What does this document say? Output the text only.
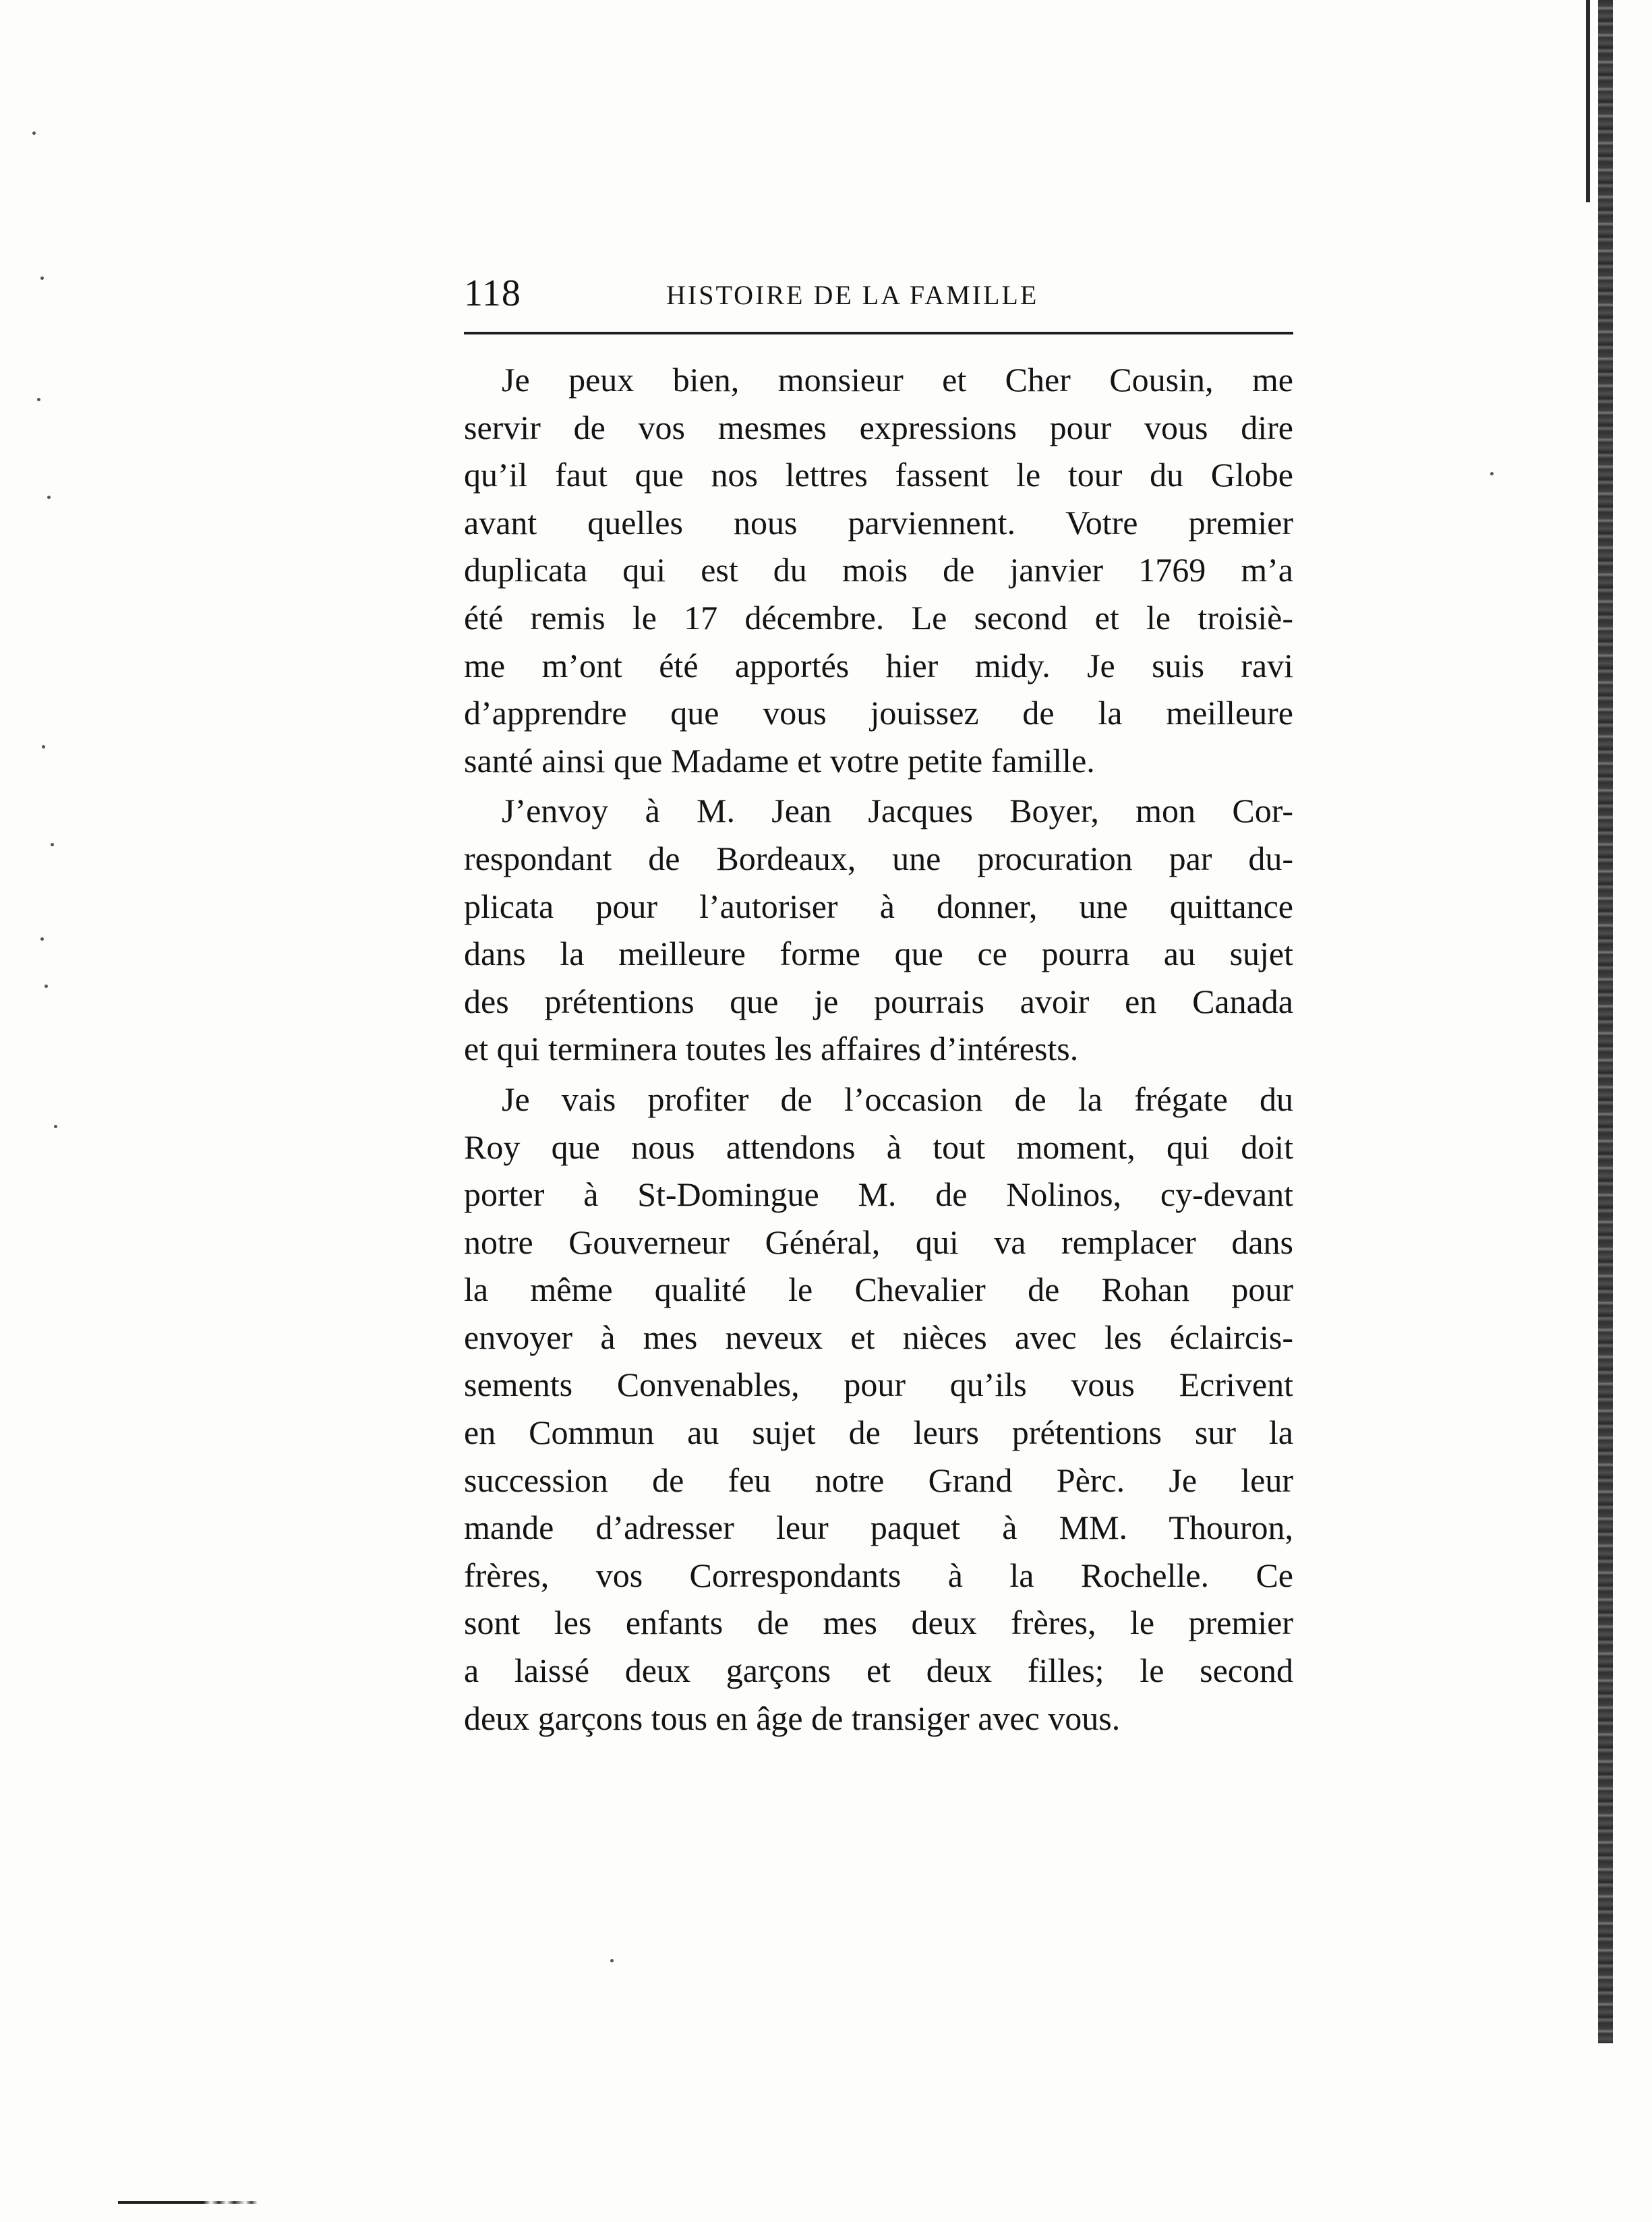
118	HISTOIRE DE LA FAMILLE
Je peux bien, monsieur et Cher Cousin, me
servir de vos mesmes expressions pour vous dire
qu’il faut que nos lettres fassent le tour du Globe
avant quelles nous parviennent. Votre premier
duplicata qui est du mois de janvier 1769 m’a
été remis le 17 décembre. Le second et le troisiè-
me m’ont été apportés hier midy. Je suis ravi
d’apprendre que vous jouissez de la meilleure
santé ainsi que Madame et votre petite famille.
J’envoy à M. Jean Jacques Boyer, mon Cor-
respondant de Bordeaux, une procuration par du-
plicata pour l’autoriser à donner, une quittance
dans la meilleure forme que ce pourra au sujet
des prétentions que je pourrais avoir en Canada
et qui terminera toutes les affaires d’intérests.
Je vais profiter de l’occasion de la frégate du
Roy que nous attendons à tout moment, qui doit
porter à St-Domingue M. de Nolinos, cy-devant
notre Gouverneur Général, qui va remplacer dans
la même qualité le Chevalier de Rohan pour
envoyer à mes neveux et nièces avec les éclaircis-
sements Convenables, pour qu’ils vous Ecrivent
en Commun au sujet de leurs prétentions sur la
succession de feu notre Grand Pèrc. Je leur
mande d’adresser leur paquet à MM. Thouron,
frères, vos Correspondants à la Rochelle. Ce
sont les enfants de mes deux frères, le premier
a laissé deux garçons et deux filles; le second
deux garçons tous en âge de transiger avec vous.
